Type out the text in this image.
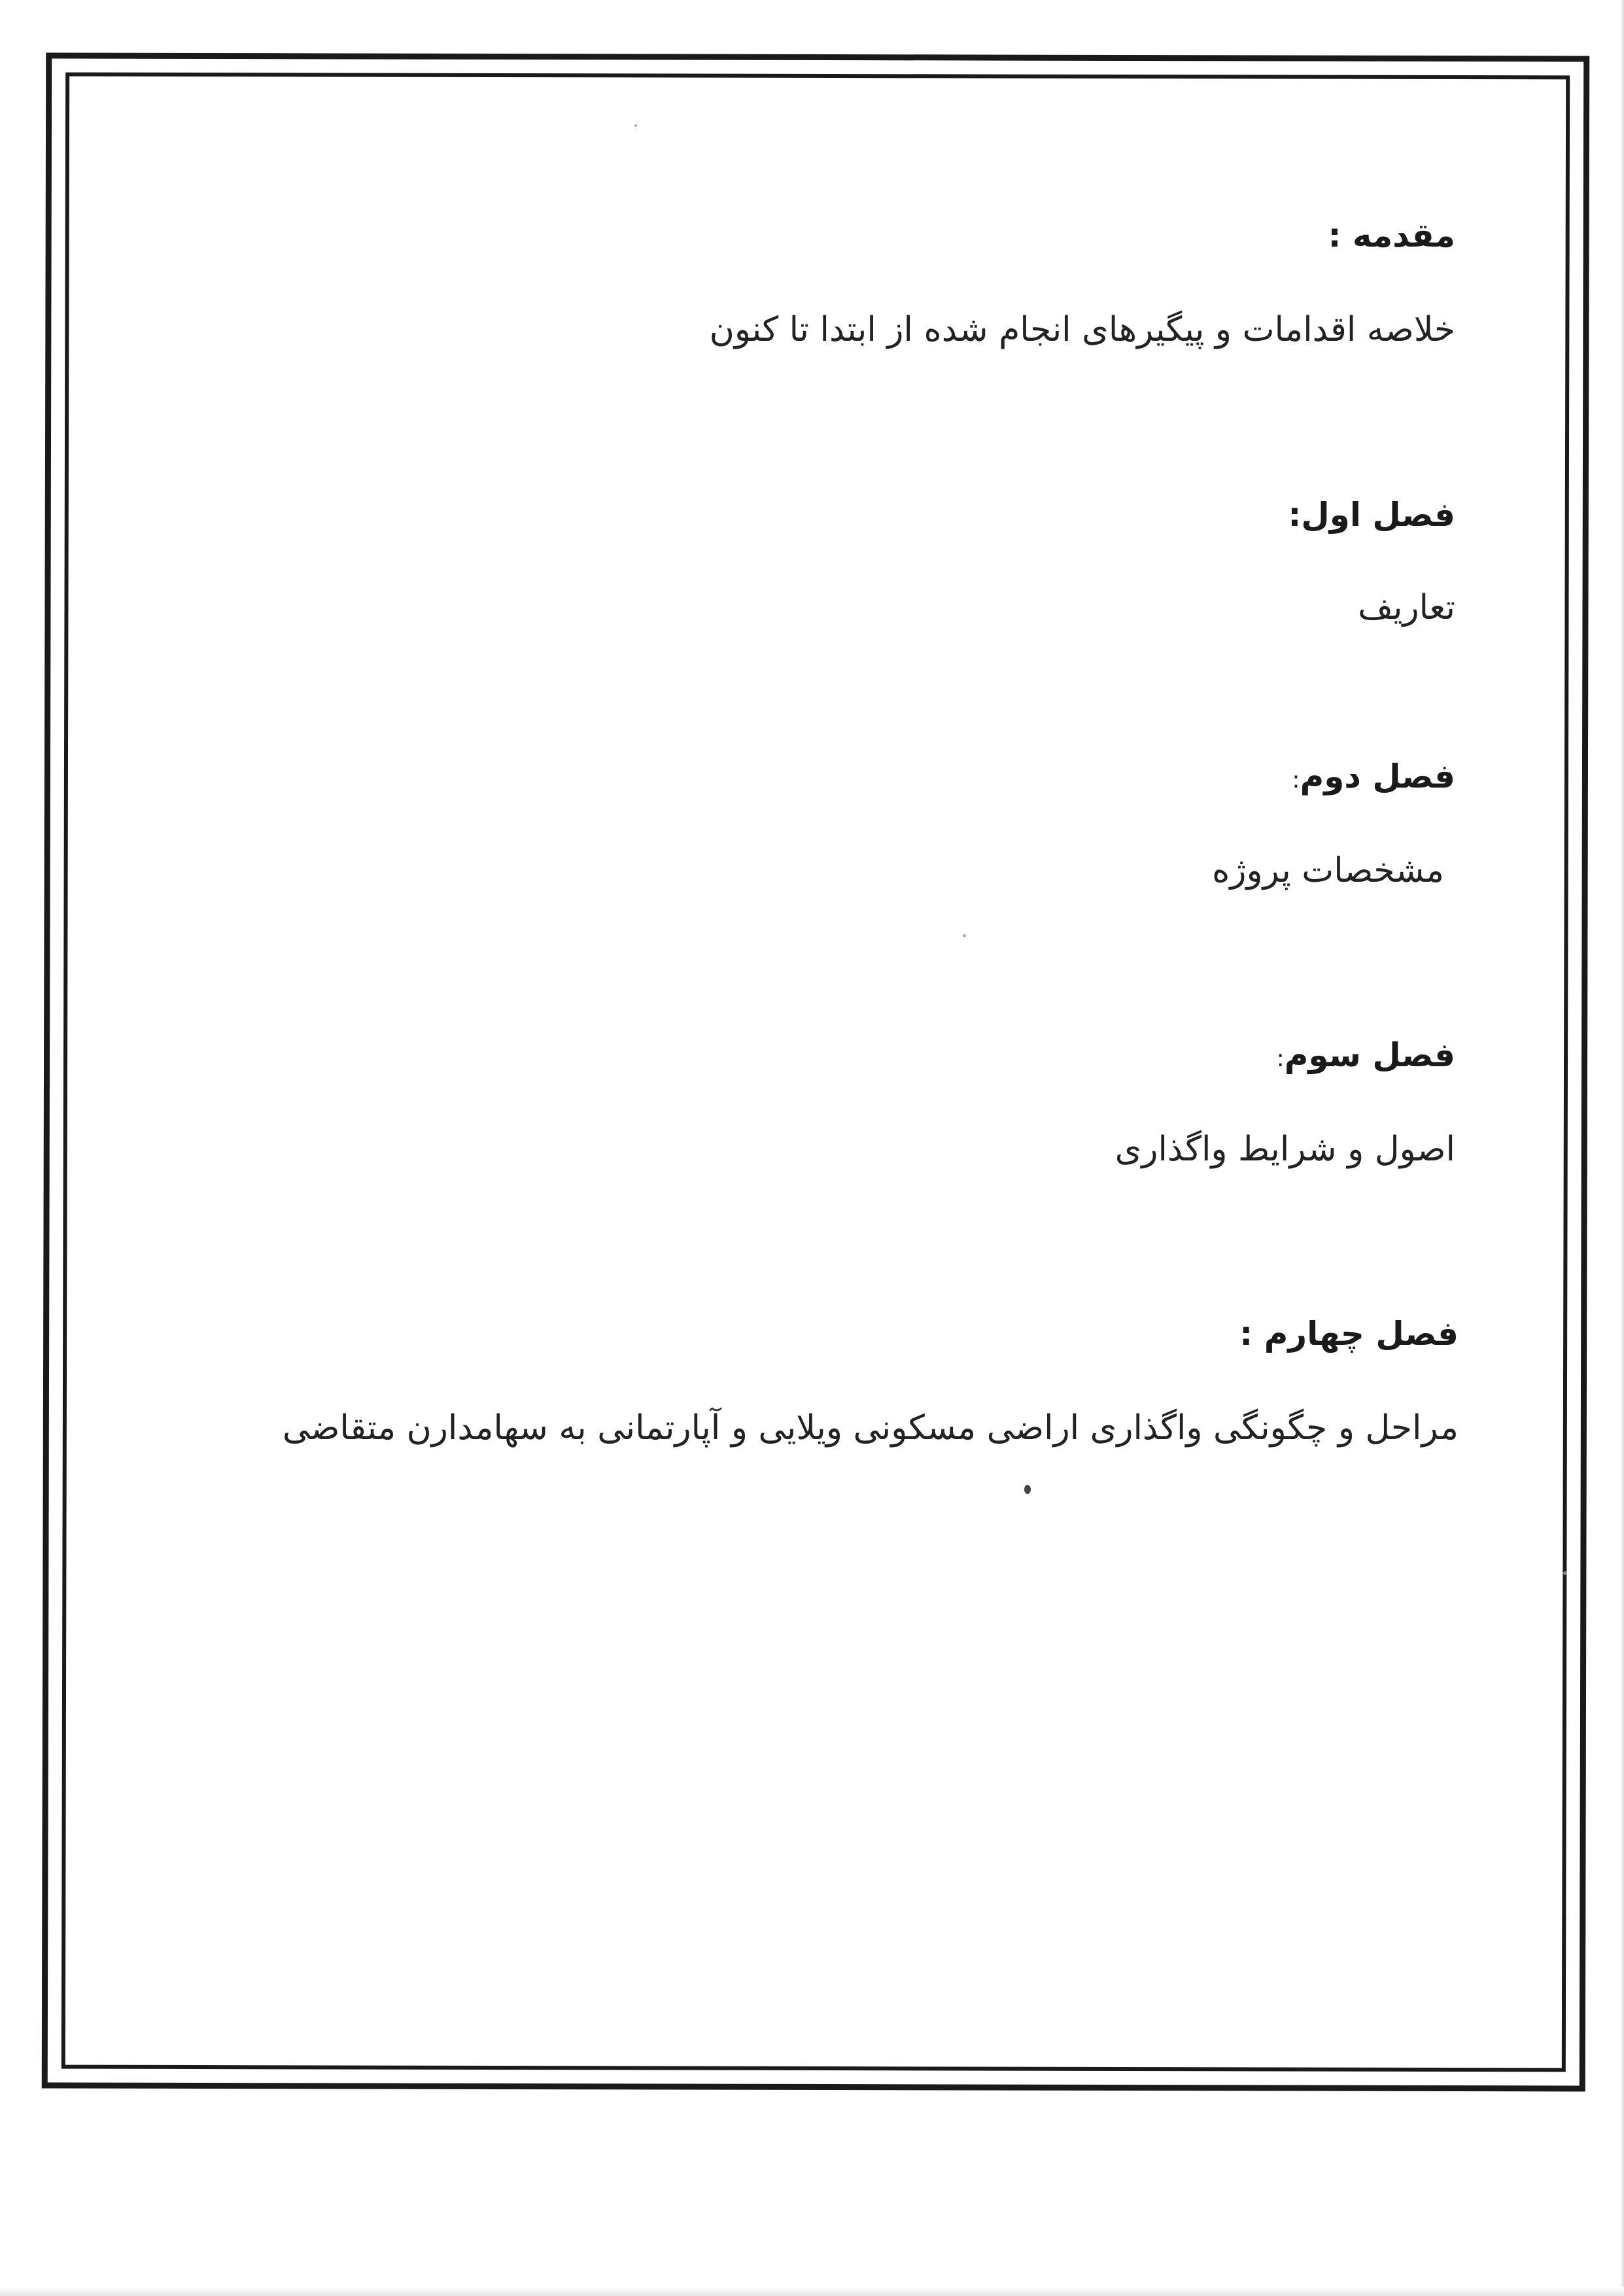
مقدمه :
خلاصه اقدامات و پیگیرهای انجام شده از ابتدا تا کنون
فصل اول:
تعاریف
فصل دوم:
مشخصات پروژه
فصل سوم:
اصول و شرایط واگذاری
فصل چهارم :
مراحل و چگونگی واگذاری اراضی مسکونی ویلایی و آپارتمانی به سهامدارن متقاضی
